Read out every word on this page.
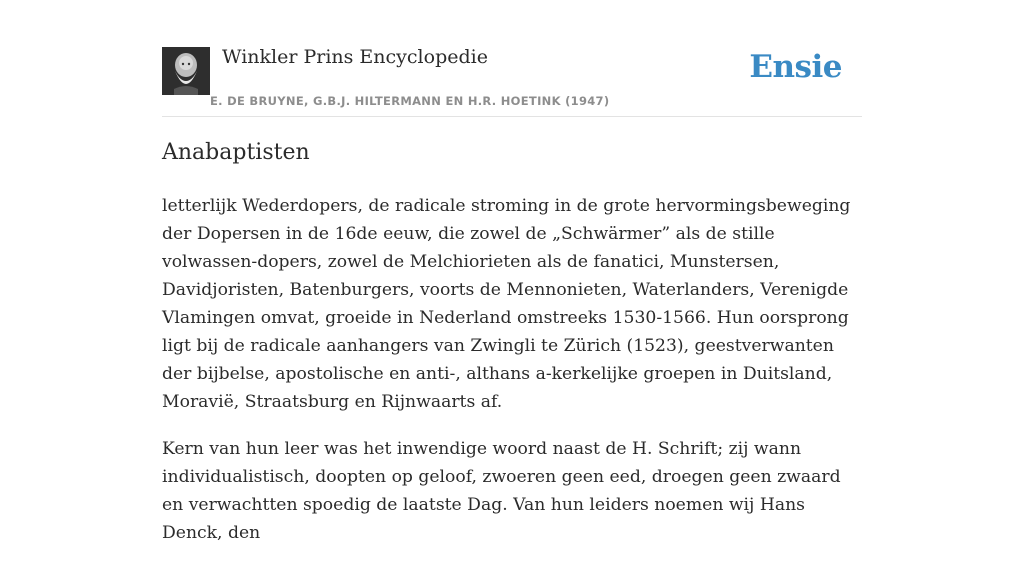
Winkler Prins Encyclopedie
E. DE BRUYNE, G.B.J. HILTERMANN EN H.R. HOETINK (1947)
Ensie
Anabaptisten

letterlijk Wederdopers, de radicale stroming in de grote hervormingsbeweging der Dopersen in de 16de eeuw, die zowel de „Schwärmer” als de stille volwassen-dopers, zowel de Melchiorieten als de fanatici, Munstersen, Davidjoristen, Batenburgers, voorts de Mennonieten, Waterlanders, Verenigde Vlamingen omvat, groeide in Nederland omstreeks 1530-1566. Hun oorsprong ligt bij de radicale aanhangers van Zwingli te Zürich (1523), geestverwanten der bijbelse, apostolische en anti-, althans a-kerkelijke groepen in Duitsland, Moravië, Straatsburg en Rijnwaarts af.

Kern van hun leer was het inwendige woord naast de H. Schrift; zij wann individualistisch, doopten op geloof, zwoeren geen eed, droegen geen zwaard en verwachtten spoedig de laatste Dag. Van hun leiders noemen wij Hans Denck, den
